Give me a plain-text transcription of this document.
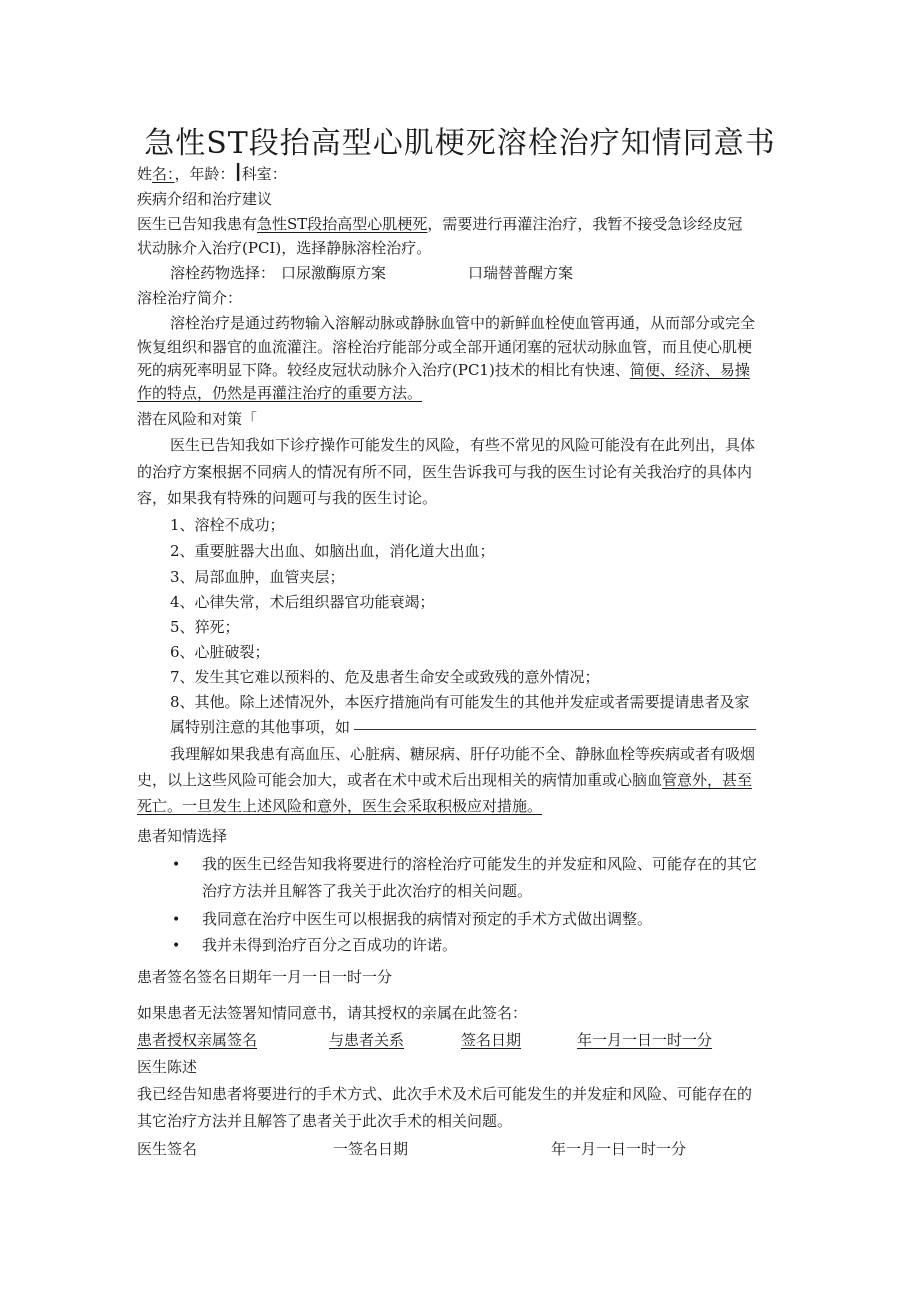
急性ST段抬高型心肌梗死溶栓治疗知情同意书
姓名：，年龄：I科室：
疾病介绍和治疗建议
医生已告知我患有急性ST段抬高型心肌梗死，需要进行再灌注治疗，我暂不接受急诊经皮冠
状动脉介入治疗(PCI)，选择静脉溶栓治疗。
溶栓药物选择： 口尿激酶原方案	口瑞替普醒方案
溶栓治疗简介：
溶栓治疗是通过药物输入溶解动脉或静脉血管中的新鲜血栓使血管再通，从而部分或完全
恢复组织和器官的血流灌注。溶栓治疗能部分或全部开通闭塞的冠状动脉血管，而且使心肌梗
死的病死率明显下降。较经皮冠状动脉介入治疗(PC1)技术的相比有快速、简便、经济、易操
作的特点，仍然是再灌注治疗的重要方法。
潜在风险和对策「
医生已告知我如下诊疗操作可能发生的风险，有些不常见的风险可能没有在此列出，具体
的治疗方案根据不同病人的情况有所不同，医生告诉我可与我的医生讨论有关我治疗的具体内
容，如果我有特殊的问题可与我的医生讨论。
1、溶栓不成功；
2、重要脏器大出血、如脑出血，消化道大出血；
3、局部血肿，血管夹层；
4、心律失常，术后组织器官功能衰竭；
5、猝死；
6、心脏破裂；
7、发生其它难以预料的、危及患者生命安全或致残的意外情况；
8、其他。除上述情况外，本医疗措施尚有可能发生的其他并发症或者需要提请患者及家
属特别注意的其他事项，如
我理解如果我患有高血压、心脏病、糖尿病、肝仔功能不全、静脉血栓等疾病或者有吸烟
史，以上这些风险可能会加大，或者在术中或术后出现相关的病情加重或心脑血管意外，甚至
死亡。一旦发生上述风险和意外，医生会采取积极应对措施。
患者知情选择
• 我的医生已经告知我将要进行的溶栓治疗可能发生的并发症和风险、可能存在的其它
治疗方法并且解答了我关于此次治疗的相关问题。
• 我同意在治疗中医生可以根据我的病情对预定的手术方式做出调整。
• 我并未得到治疗百分之百成功的许诺。
患者签名签名日期年一月一日一时一分
如果患者无法签署知情同意书，请其授权的亲属在此签名：
患者授权亲属签名	与患者关系	签名日期	年一月一日一时一分
医生陈述
我已经告知患者将要进行的手术方式、此次手术及术后可能发生的并发症和风险、可能存在的
其它治疗方法并且解答了患者关于此次手术的相关问题。
医生签名	一签名日期	年一月一日一时一分
